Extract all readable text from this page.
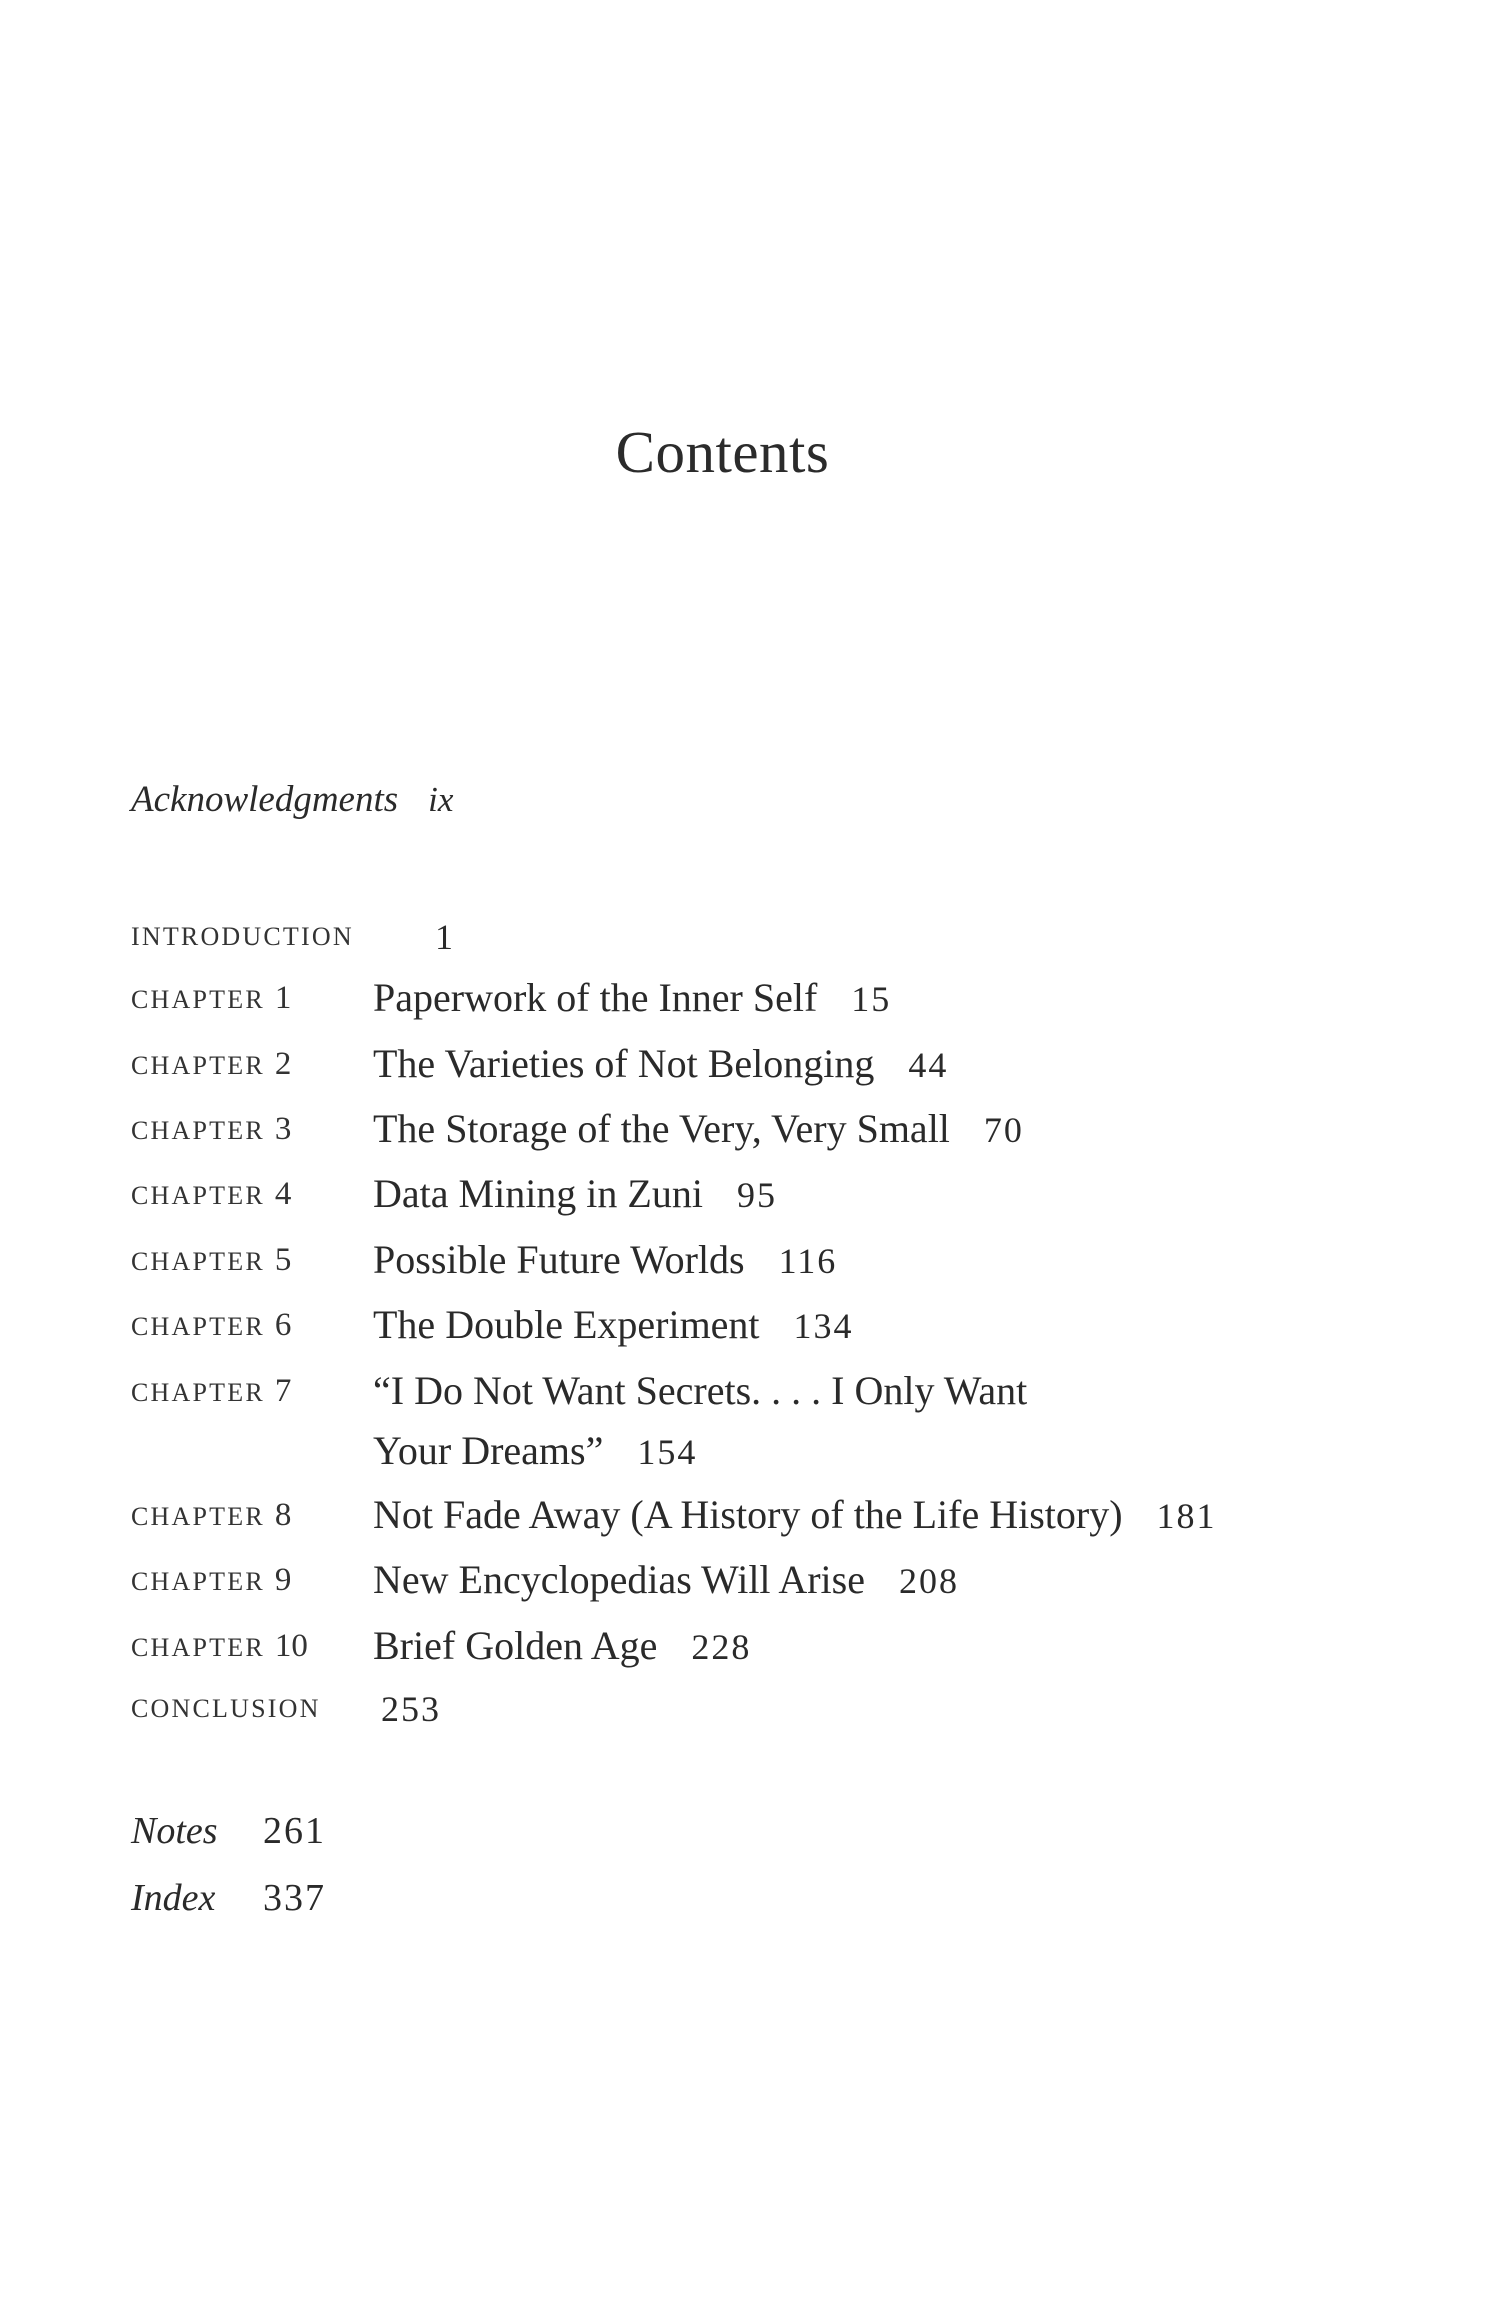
Contents
Acknowledgments ix
INTRODUCTION 1
CHAPTER 1 Paperwork of the Inner Self 15
CHAPTER 2 The Varieties of Not Belonging 44
CHAPTER 3 The Storage of the Very, Very Small 70
CHAPTER 4 Data Mining in Zuni 95
CHAPTER 5 Possible Future Worlds 116
CHAPTER 6 The Double Experiment 134
CHAPTER 7 “I Do Not Want Secrets. . . . I Only Want
Your Dreams” 154
CHAPTER 8 Not Fade Away (A History of the Life History) 181
CHAPTER 9 New Encyclopedias Will Arise 208
CHAPTER 10 Brief Golden Age 228
CONCLUSION 253
Notes 261
Index 337
